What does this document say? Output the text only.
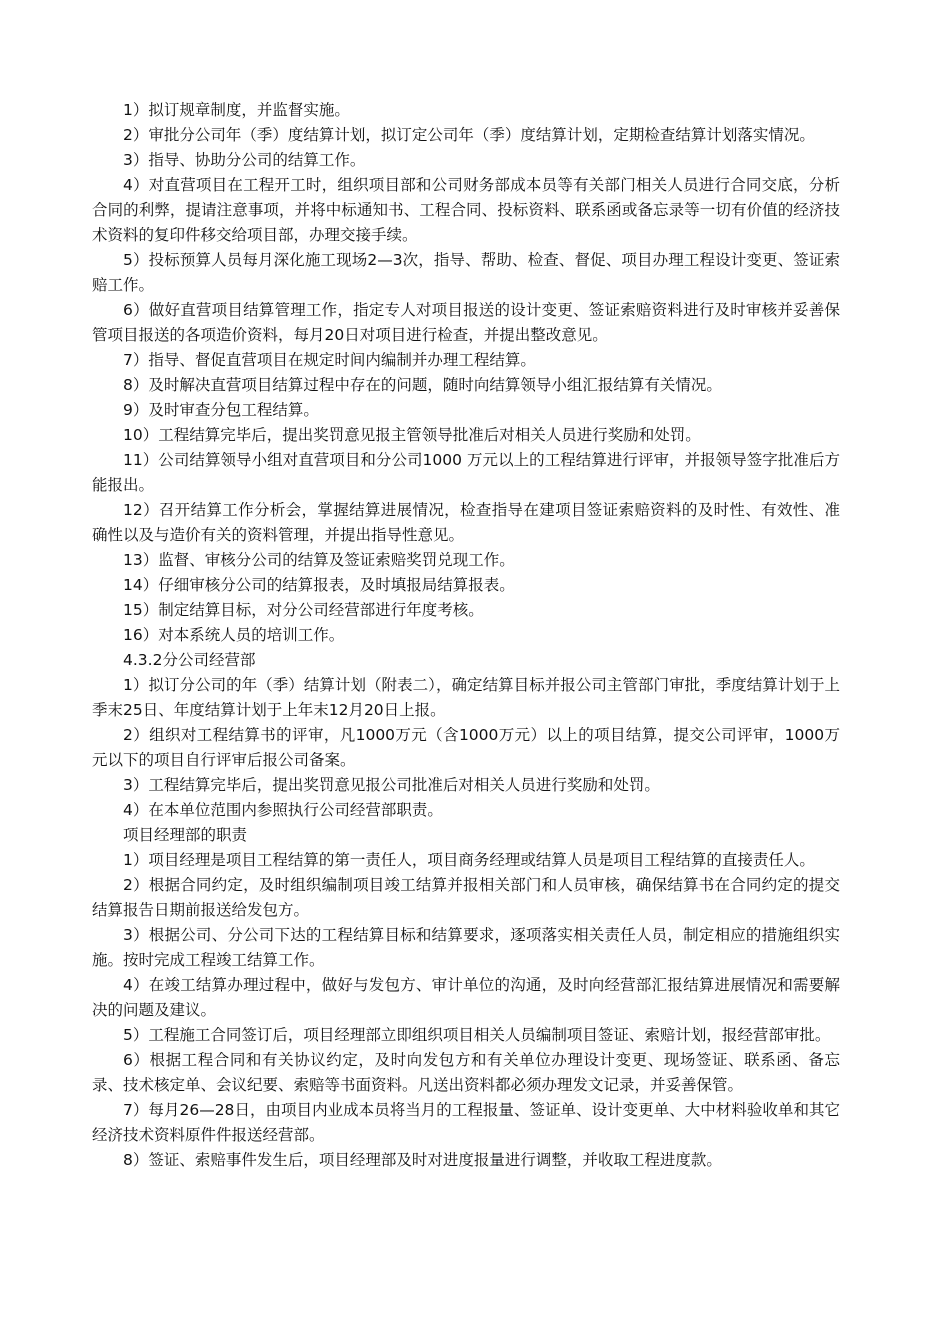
1）拟订规章制度，并监督实施。

2）审批分公司年（季）度结算计划，拟订定公司年（季）度结算计划，定期检查结算计划落实情况。

3）指导、协助分公司的结算工作。

4）对直营项目在工程开工时，组织项目部和公司财务部成本员等有关部门相关人员进行合同交底，分析合同的利弊，提请注意事项，并将中标通知书、工程合同、投标资料、联系函或备忘录等一切有价值的经济技术资料的复印件移交给项目部，办理交接手续。

5）投标预算人员每月深化施工现场2—3次，指导、帮助、检查、督促、项目办理工程设计变更、签证索赔工作。

6）做好直营项目结算管理工作，指定专人对项目报送的设计变更、签证索赔资料进行及时审核并妥善保管项目报送的各项造价资料，每月20日对项目进行检查，并提出整改意见。

7）指导、督促直营项目在规定时间内编制并办理工程结算。

8）及时解决直营项目结算过程中存在的问题，随时向结算领导小组汇报结算有关情况。

9）及时审查分包工程结算。

10）工程结算完毕后，提出奖罚意见报主管领导批准后对相关人员进行奖励和处罚。

11）公司结算领导小组对直营项目和分公司1000 万元以上的工程结算进行评审，并报领导签字批准后方能报出。

12）召开结算工作分析会，掌握结算进展情况，检查指导在建项目签证索赔资料的及时性、有效性、准确性以及与造价有关的资料管理，并提出指导性意见。

13）监督、审核分公司的结算及签证索赔奖罚兑现工作。

14）仔细审核分公司的结算报表，及时填报局结算报表。

15）制定结算目标，对分公司经营部进行年度考核。

16）对本系统人员的培训工作。

4.3.2分公司经营部

1）拟订分公司的年（季）结算计划（附表二），确定结算目标并报公司主管部门审批，季度结算计划于上季末25日、年度结算计划于上年末12月20日上报。

2）组织对工程结算书的评审，凡1000万元（含1000万元）以上的项目结算，提交公司评审，1000万元以下的项目自行评审后报公司备案。

3）工程结算完毕后，提出奖罚意见报公司批准后对相关人员进行奖励和处罚。

4）在本单位范围内参照执行公司经营部职责。

项目经理部的职责

1）项目经理是项目工程结算的第一责任人，项目商务经理或结算人员是项目工程结算的直接责任人。

2）根据合同约定，及时组织编制项目竣工结算并报相关部门和人员审核，确保结算书在合同约定的提交结算报告日期前报送给发包方。

3）根据公司、分公司下达的工程结算目标和结算要求，逐项落实相关责任人员，制定相应的措施组织实施。按时完成工程竣工结算工作。

4）在竣工结算办理过程中，做好与发包方、审计单位的沟通，及时向经营部汇报结算进展情况和需要解决的问题及建议。

5）工程施工合同签订后，项目经理部立即组织项目相关人员编制项目签证、索赔计划，报经营部审批。

6）根据工程合同和有关协议约定，及时向发包方和有关单位办理设计变更、现场签证、联系函、备忘录、技术核定单、会议纪要、索赔等书面资料。凡送出资料都必须办理发文记录，并妥善保管。

7）每月26—28日，由项目内业成本员将当月的工程报量、签证单、设计变更单、大中材料验收单和其它经济技术资料原件件报送经营部。

8）签证、索赔事件发生后，项目经理部及时对进度报量进行调整，并收取工程进度款。
